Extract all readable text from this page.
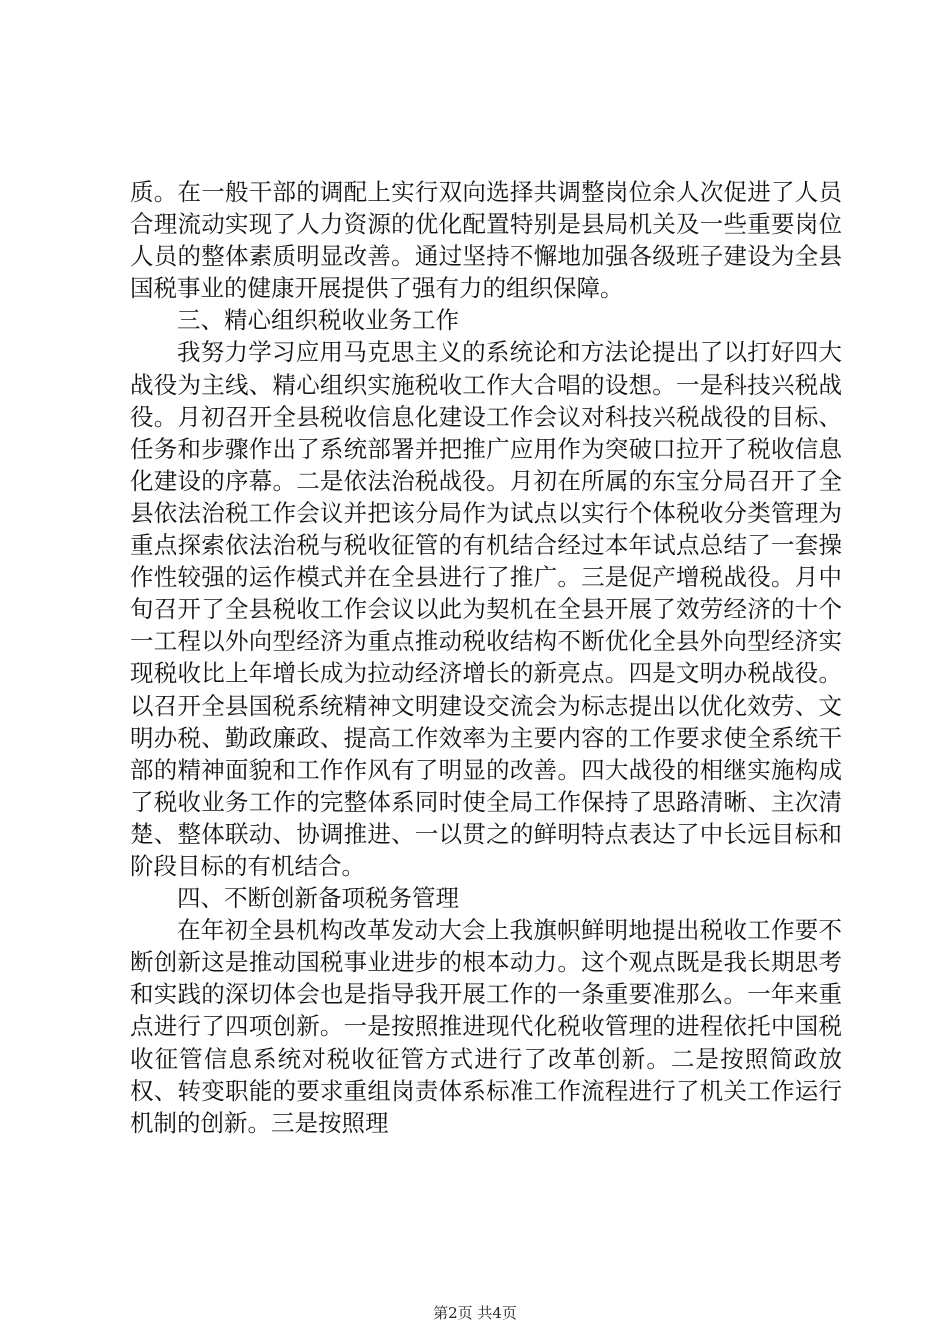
质。在一般干部的调配上实行双向选择共调整岗位余人次促进了人员合理流动实现了人力资源的优化配置特别是县局机关及一些重要岗位人员的整体素质明显改善。通过坚持不懈地加强各级班子建设为全县国税事业的健康开展提供了强有力的组织保障。

三、精心组织税收业务工作

我努力学习应用马克思主义的系统论和方法论提出了以打好四大战役为主线、精心组织实施税收工作大合唱的设想。一是科技兴税战役。月初召开全县税收信息化建设工作会议对科技兴税战役的目标、任务和步骤作出了系统部署并把推广应用作为突破口拉开了税收信息化建设的序幕。二是依法治税战役。月初在所属的东宝分局召开了全县依法治税工作会议并把该分局作为试点以实行个体税收分类管理为重点探索依法治税与税收征管的有机结合经过本年试点总结了一套操作性较强的运作模式并在全县进行了推广。三是促产增税战役。月中旬召开了全县税收工作会议以此为契机在全县开展了效劳经济的十个一工程以外向型经济为重点推动税收结构不断优化全县外向型经济实现税收比上年增长成为拉动经济增长的新亮点。四是文明办税战役。以召开全县国税系统精神文明建设交流会为标志提出以优化效劳、文明办税、勤政廉政、提高工作效率为主要内容的工作要求使全系统干部的精神面貌和工作作风有了明显的改善。四大战役的相继实施构成了税收业务工作的完整体系同时使全局工作保持了思路清晰、主次清楚、整体联动、协调推进、一以贯之的鲜明特点表达了中长远目标和阶段目标的有机结合。

四、不断创新备项税务管理

在年初全县机构改革发动大会上我旗帜鲜明地提出税收工作要不断创新这是推动国税事业进步的根本动力。这个观点既是我长期思考和实践的深切体会也是指导我开展工作的一条重要准那么。一年来重点进行了四项创新。一是按照推进现代化税收管理的进程依托中国税收征管信息系统对税收征管方式进行了改革创新。二是按照简政放权、转变职能的要求重组岗责体系标准工作流程进行了机关工作运行机制的创新。三是按照理

第2页 共4页
